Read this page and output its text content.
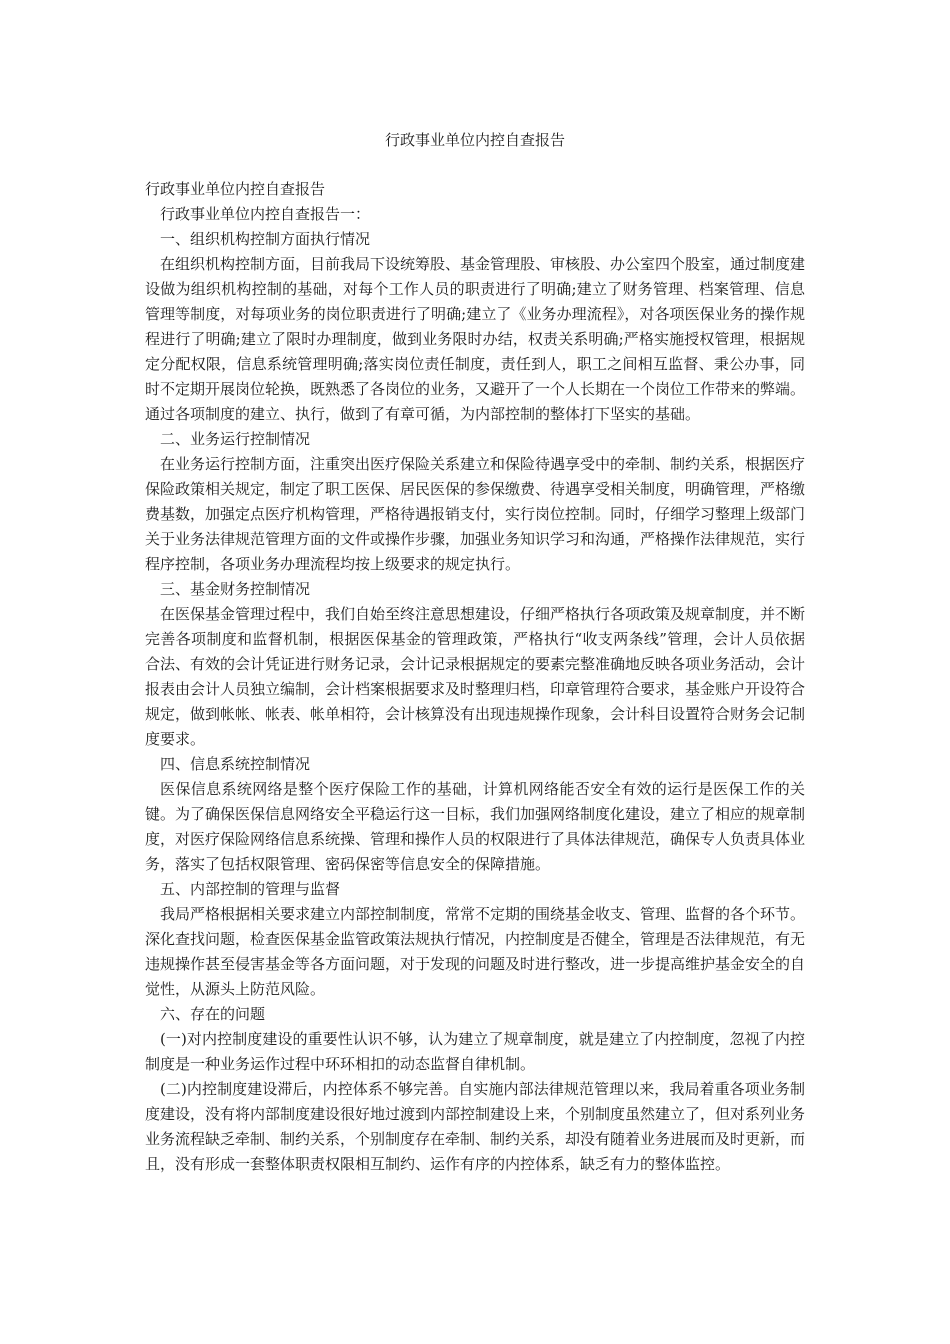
行政事业单位内控自查报告

行政事业单位内控自查报告

行政事业单位内控自查报告一：

一、组织机构控制方面执行情况

在组织机构控制方面，目前我局下设统筹股、基金管理股、审核股、办公室四个股室，通过制度建设做为组织机构控制的基础，对每个工作人员的职责进行了明确;建立了财务管理、档案管理、信息管理等制度，对每项业务的岗位职责进行了明确;建立了《业务办理流程》，对各项医保业务的操作规程进行了明确;建立了限时办理制度，做到业务限时办结，权责关系明确;严格实施授权管理，根据规定分配权限，信息系统管理明确;落实岗位责任制度，责任到人，职工之间相互监督、秉公办事，同时不定期开展岗位轮换，既熟悉了各岗位的业务，又避开了一个人长期在一个岗位工作带来的弊端。通过各项制度的建立、执行，做到了有章可循，为内部控制的整体打下坚实的基础。

二、业务运行控制情况

在业务运行控制方面，注重突出医疗保险关系建立和保险待遇享受中的牵制、制约关系，根据医疗保险政策相关规定，制定了职工医保、居民医保的参保缴费、待遇享受相关制度，明确管理，严格缴费基数，加强定点医疗机构管理，严格待遇报销支付，实行岗位控制。同时，仔细学习整理上级部门关于业务法律规范管理方面的文件或操作步骤，加强业务知识学习和沟通，严格操作法律规范，实行程序控制，各项业务办理流程均按上级要求的规定执行。

三、基金财务控制情况

在医保基金管理过程中，我们自始至终注意思想建设，仔细严格执行各项政策及规章制度，并不断完善各项制度和监督机制，根据医保基金的管理政策，严格执行“收支两条线”管理，会计人员依据合法、有效的会计凭证进行财务记录，会计记录根据规定的要素完整准确地反映各项业务活动，会计报表由会计人员独立编制，会计档案根据要求及时整理归档，印章管理符合要求，基金账户开设符合规定，做到帐帐、帐表、帐单相符，会计核算没有出现违规操作现象，会计科目设置符合财务会记制度要求。

四、信息系统控制情况

医保信息系统网络是整个医疗保险工作的基础，计算机网络能否安全有效的运行是医保工作的关键。为了确保医保信息网络安全平稳运行这一目标，我们加强网络制度化建设，建立了相应的规章制度，对医疗保险网络信息系统操、管理和操作人员的权限进行了具体法律规范，确保专人负责具体业务，落实了包括权限管理、密码保密等信息安全的保障措施。

五、内部控制的管理与监督

我局严格根据相关要求建立内部控制制度，常常不定期的围绕基金收支、管理、监督的各个环节。深化查找问题，检查医保基金监管政策法规执行情况，内控制度是否健全，管理是否法律规范，有无违规操作甚至侵害基金等各方面问题，对于发现的问题及时进行整改，进一步提高维护基金安全的自觉性，从源头上防范风险。

六、存在的问题

(一)对内控制度建设的重要性认识不够，认为建立了规章制度，就是建立了内控制度，忽视了内控制度是一种业务运作过程中环环相扣的动态监督自律机制。

(二)内控制度建设滞后，内控体系不够完善。自实施内部法律规范管理以来，我局着重各项业务制度建设，没有将内部制度建设很好地过渡到内部控制建设上来，个别制度虽然建立了，但对系列业务业务流程缺乏牵制、制约关系，个别制度存在牵制、制约关系，却没有随着业务进展而及时更新，而且，没有形成一套整体职责权限相互制约、运作有序的内控体系，缺乏有力的整体监控。
